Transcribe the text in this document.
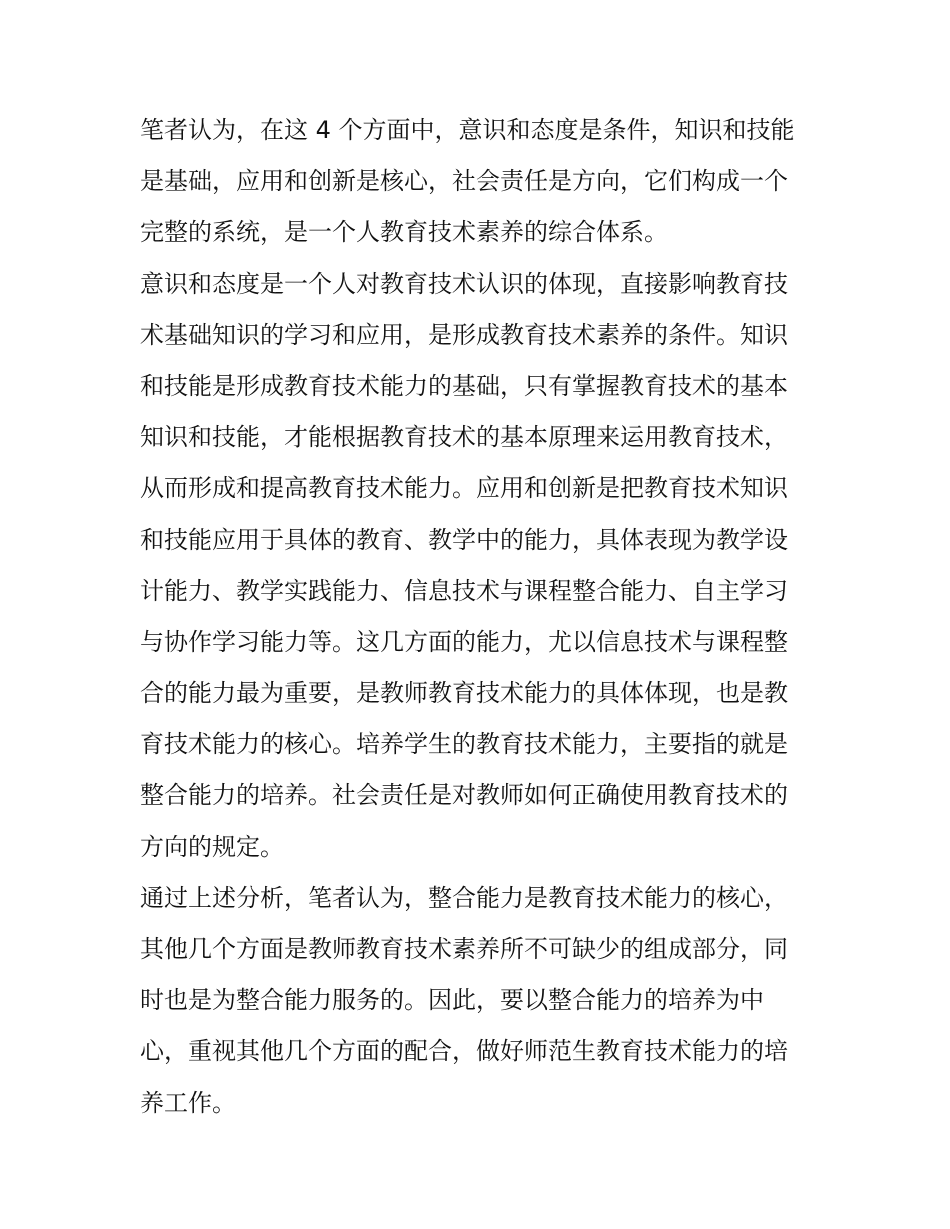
笔者认为，在这 4 个方面中，意识和态度是条件，知识和技能
是基础，应用和创新是核心，社会责任是方向，它们构成一个
完整的系统，是一个人教育技术素养的综合体系。

意识和态度是一个人对教育技术认识的体现，直接影响教育技
术基础知识的学习和应用，是形成教育技术素养的条件。知识
和技能是形成教育技术能力的基础，只有掌握教育技术的基本
知识和技能，才能根据教育技术的基本原理来运用教育技术，
从而形成和提高教育技术能力。应用和创新是把教育技术知识
和技能应用于具体的教育、教学中的能力，具体表现为教学设
计能力、教学实践能力、信息技术与课程整合能力、自主学习
与协作学习能力等。这几方面的能力，尤以信息技术与课程整
合的能力最为重要，是教师教育技术能力的具体体现，也是教
育技术能力的核心。培养学生的教育技术能力，主要指的就是
整合能力的培养。社会责任是对教师如何正确使用教育技术的
方向的规定。

通过上述分析，笔者认为，整合能力是教育技术能力的核心，
其他几个方面是教师教育技术素养所不可缺少的组成部分，同
时也是为整合能力服务的。因此，要以整合能力的培养为中
心，重视其他几个方面的配合，做好师范生教育技术能力的培
养工作。
